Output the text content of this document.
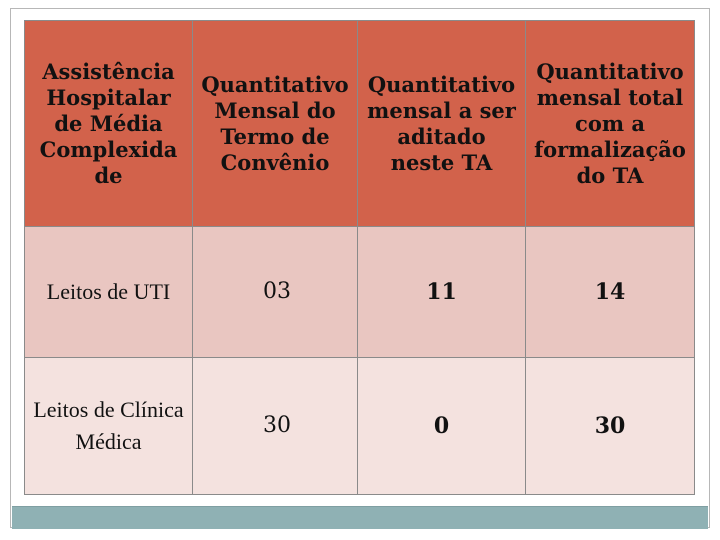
Assistência Hospitalar de Média Complexida de	Quantitativo Mensal do Termo de Convênio	Quantitativo mensal a ser aditado neste TA	Quantitativo mensal total com a formalização do TA
Leitos de UTI	03	11	14
Leitos de Clínica Médica	30	0	30
